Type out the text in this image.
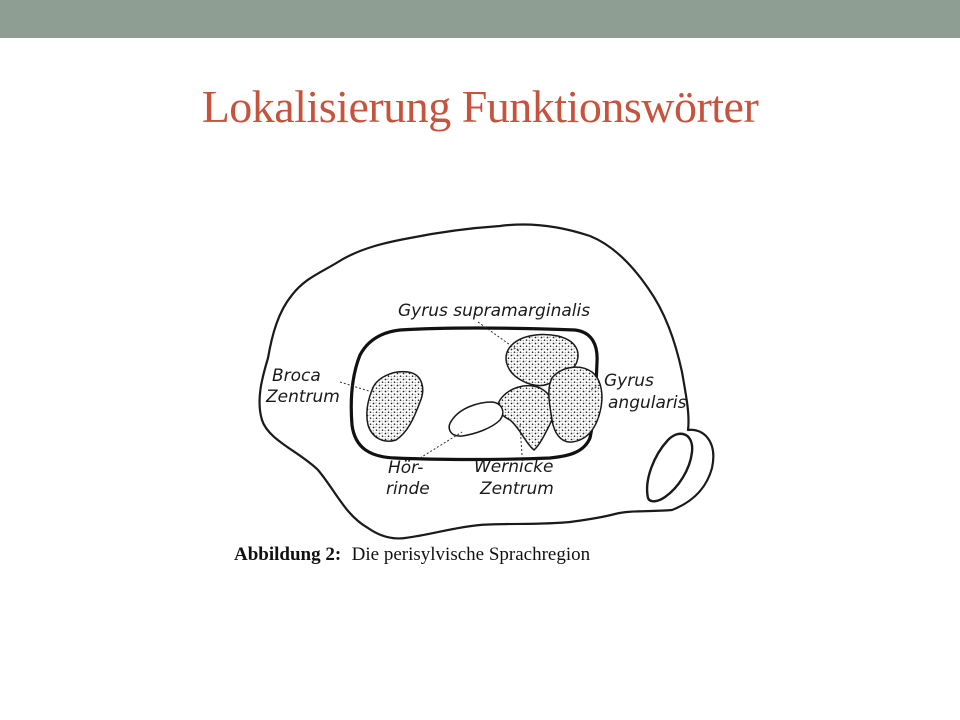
Lokalisierung Funktionswörter
Gyrus supramarginalis
Broca
Zentrum
Gyrus
angularis
Hör-
rinde
Wernicke
Zentrum
Abbildung 2: Die perisylvische Sprachregion
